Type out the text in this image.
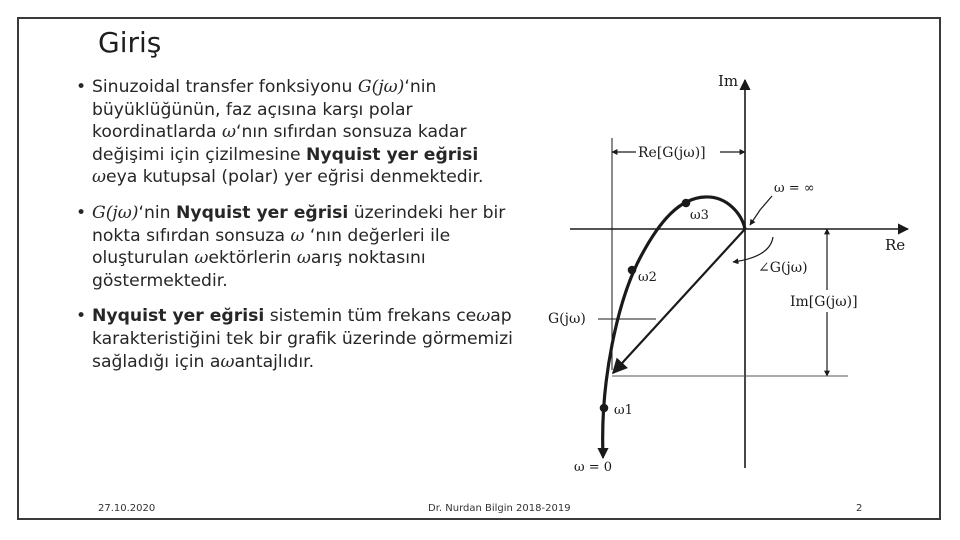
Giriş
• Sinuzoidal transfer fonksiyonu G(jω)‘nin büyüklüğünün, faz açısına karşı polar koordinatlarda ω‘nın sıfırdan sonsuza kadar değişimi için çizilmesine Nyquist yer eğrisi ωeya kutupsal (polar) yer eğrisi denmektedir.
• G(jω)‘nin Nyquist yer eğrisi üzerindeki her bir nokta sıfırdan sonsuza ω ‘nın değerleri ile oluşturulan ωektörlerin ωarış noktasını göstermektedir.
• Nyquist yer eğrisi sistemin tüm frekans ceωap karakteristiğini tek bir grafik üzerinde görmemizi sağladığı için aωantajlıdır.
Im
Re
Re[G(jω)]
Im[G(jω)]
G(jω)
∠G(jω)
ω = ∞
ω3
ω2
ω1
ω = 0
27.10.2020	Dr. Nurdan Bilgin 2018-2019	2
